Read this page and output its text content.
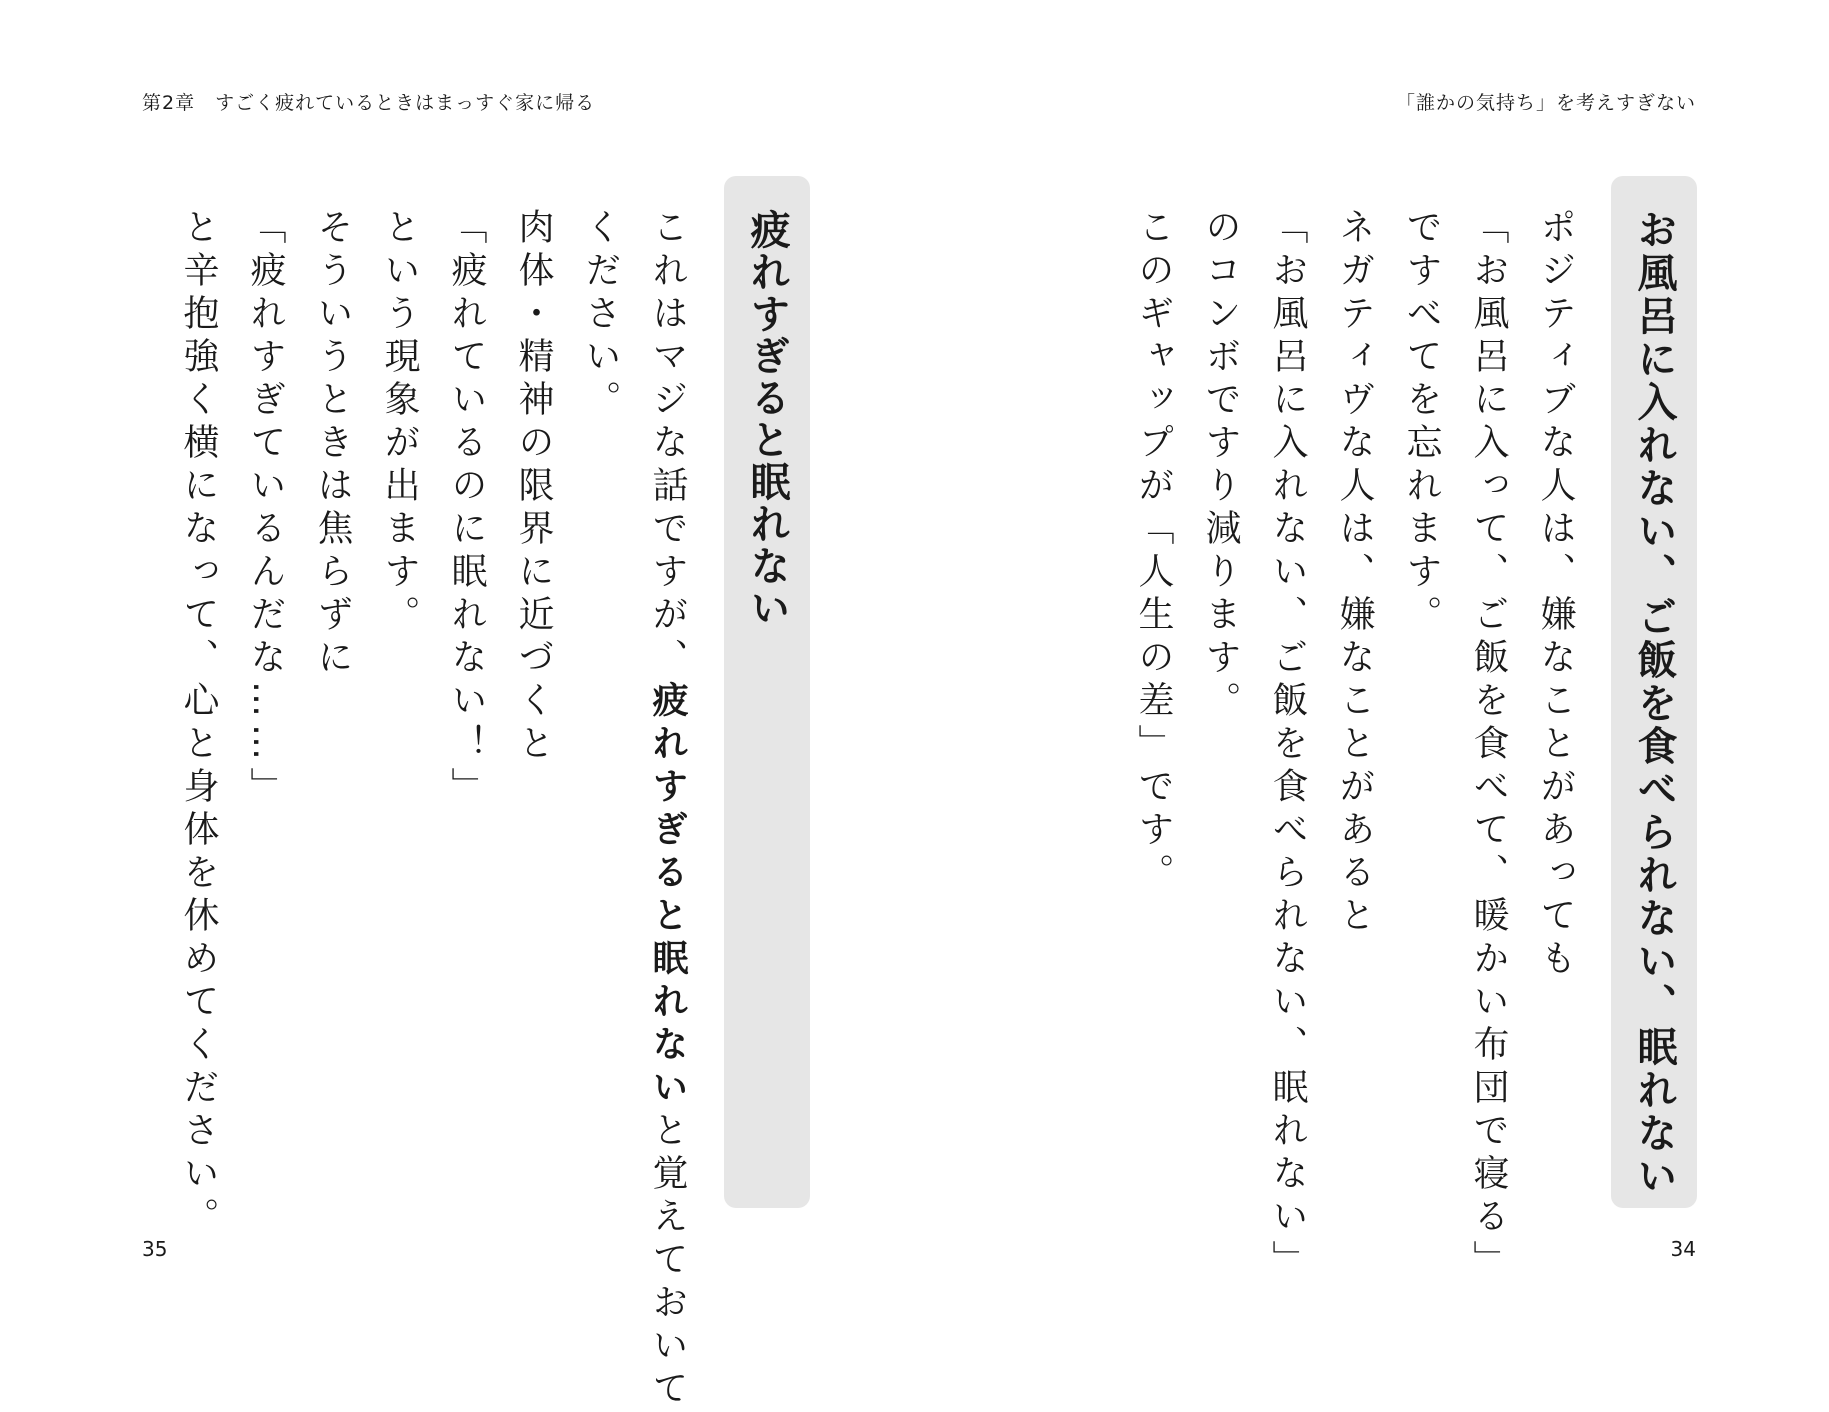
第2章　すごく疲れているときはまっすぐ家に帰る
疲れすぎると眠れない
これはマジな話ですが、疲れすぎると眠れないと覚えておいて
ください。
肉体・精神の限界に近づくと
「疲れているのに眠れない！」
という現象が出ます。
そういうときは焦らずに
「疲れすぎているんだな……」
と辛抱強く横になって、心と身体を休めてください。
35
「誰かの気持ち」を考えすぎない
お風呂に入れない、ご飯を食べられない、眠れない
ポジティブな人は、嫌なことがあっても
「お風呂に入って、ご飯を食べて、暖かい布団で寝る」
ですべてを忘れます。
ネガティヴな人は、嫌なことがあると
「お風呂に入れない、ご飯を食べられない、眠れない」
のコンボですり減ります。
このギャップが「人生の差」です。
34
